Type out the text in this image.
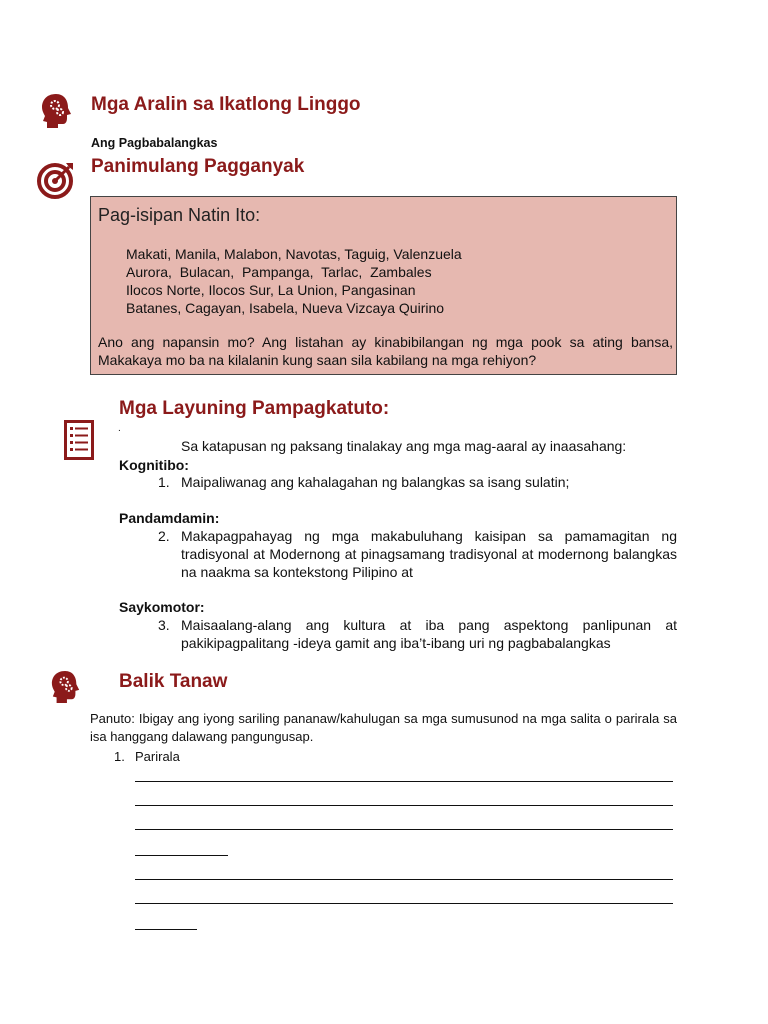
Mga Aralin sa Ikatlong Linggo
Ang Pagbabalangkas
Panimulang Pagganyak
Pag-isipan Natin Ito:
Makati, Manila, Malabon, Navotas, Taguig, Valenzuela
Aurora,  Bulacan,  Pampanga,  Tarlac,  Zambales
Ilocos Norte, Ilocos Sur, La Union, Pangasinan
Batanes, Cagayan, Isabela, Nueva Vizcaya Quirino
Ano ang napansin mo? Ang listahan ay kinabibilangan ng mga pook sa ating bansa, Makakaya mo ba na kilalanin kung saan sila kabilang na mga rehiyon?
Mga Layuning Pampagkatuto:
.
Sa katapusan ng paksang tinalakay ang mga mag-aaral ay inaasahang:
Kognitibo:
1. Maipaliwanag ang kahalagahan ng balangkas sa isang sulatin;
Pandamdamin:
2. Makapagpahayag ng mga makabuluhang kaisipan sa pamamagitan ng tradisyonal at Modernong at pinagsamang tradisyonal at modernong balangkas na naakma sa kontekstong Pilipino at
Saykomotor:
3. Maisaalang-alang ang kultura at iba pang aspektong panlipunan at pakikipagpalitang -ideya gamit ang iba’t-ibang uri ng pagbabalangkas
Balik Tanaw
Panuto: Ibigay ang iyong sariling pananaw/kahulugan sa mga sumusunod na mga salita o parirala sa isa hanggang dalawang pangungusap.
1. Parirala
